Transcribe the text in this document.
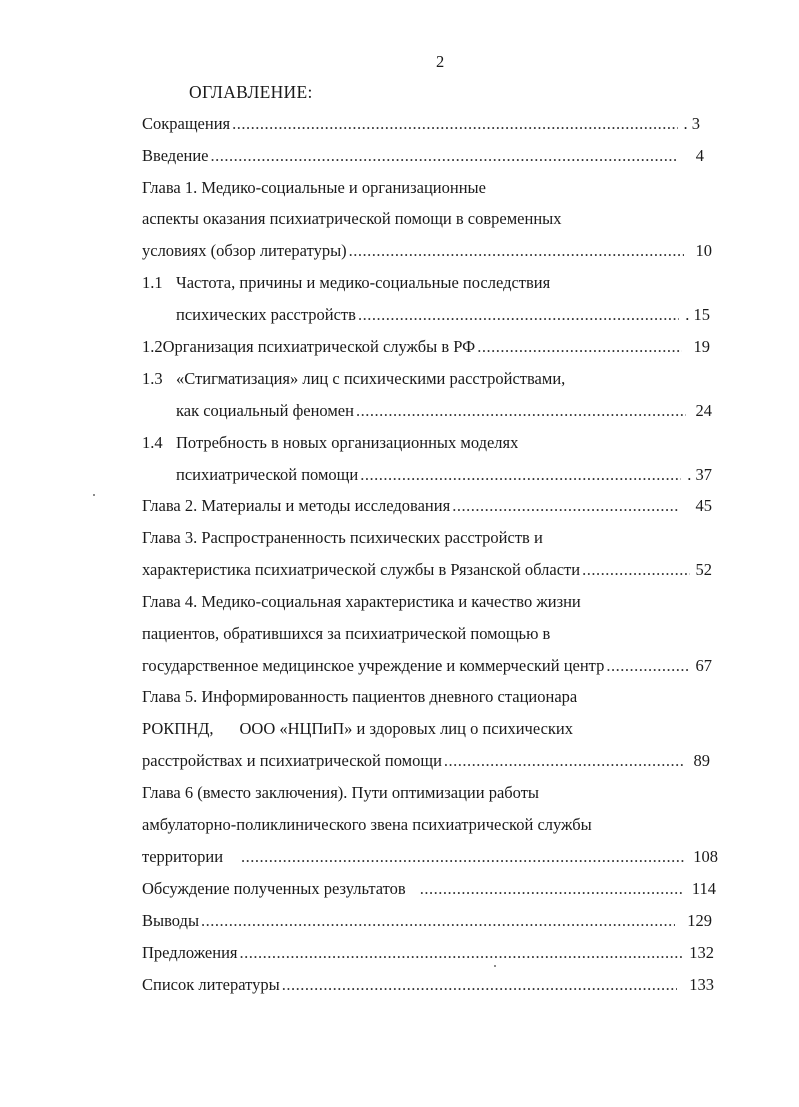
2
ОГЛАВЛЕНИЕ:
Сокращения .....	. 3
Введение .....	4
Глава 1. Медико-социальные и организационные
аспекты оказания психиатрической помощи в современных
условиях (обзор литературы) .....	10
1.1 Частота, причины и медико-социальные последствия
психических расстройств .....	. 15
1.2 Организация психиатрической службы в РФ .....	19
1.3 «Стигматизация» лиц с психическими расстройствами,
как социальный феномен .....	24
1.4 Потребность в новых организационных моделях
психиатрической помощи .....	. 37
Глава 2. Материалы и методы исследования .....	45
Глава 3. Распространенность психических расстройств и
характеристика психиатрической службы в Рязанской области .....	52
Глава 4. Медико-социальная характеристика и качество жизни
пациентов, обратившихся за психиатрической помощью в
государственное медицинское учреждение и коммерческий центр .....	67
Глава 5. Информированность пациентов дневного стационара
РОКПНД, ООО «НЦПиП» и здоровых лиц о психических
расстройствах и психиатрической помощи .....	89
Глава 6 (вместо заключения). Пути оптимизации работы
амбулаторно-поликлинического звена психиатрической службы
территории .....	108
Обсуждение полученных результатов .....	114
Выводы .....	129
Предложения .....	132
Список литературы .....	133
